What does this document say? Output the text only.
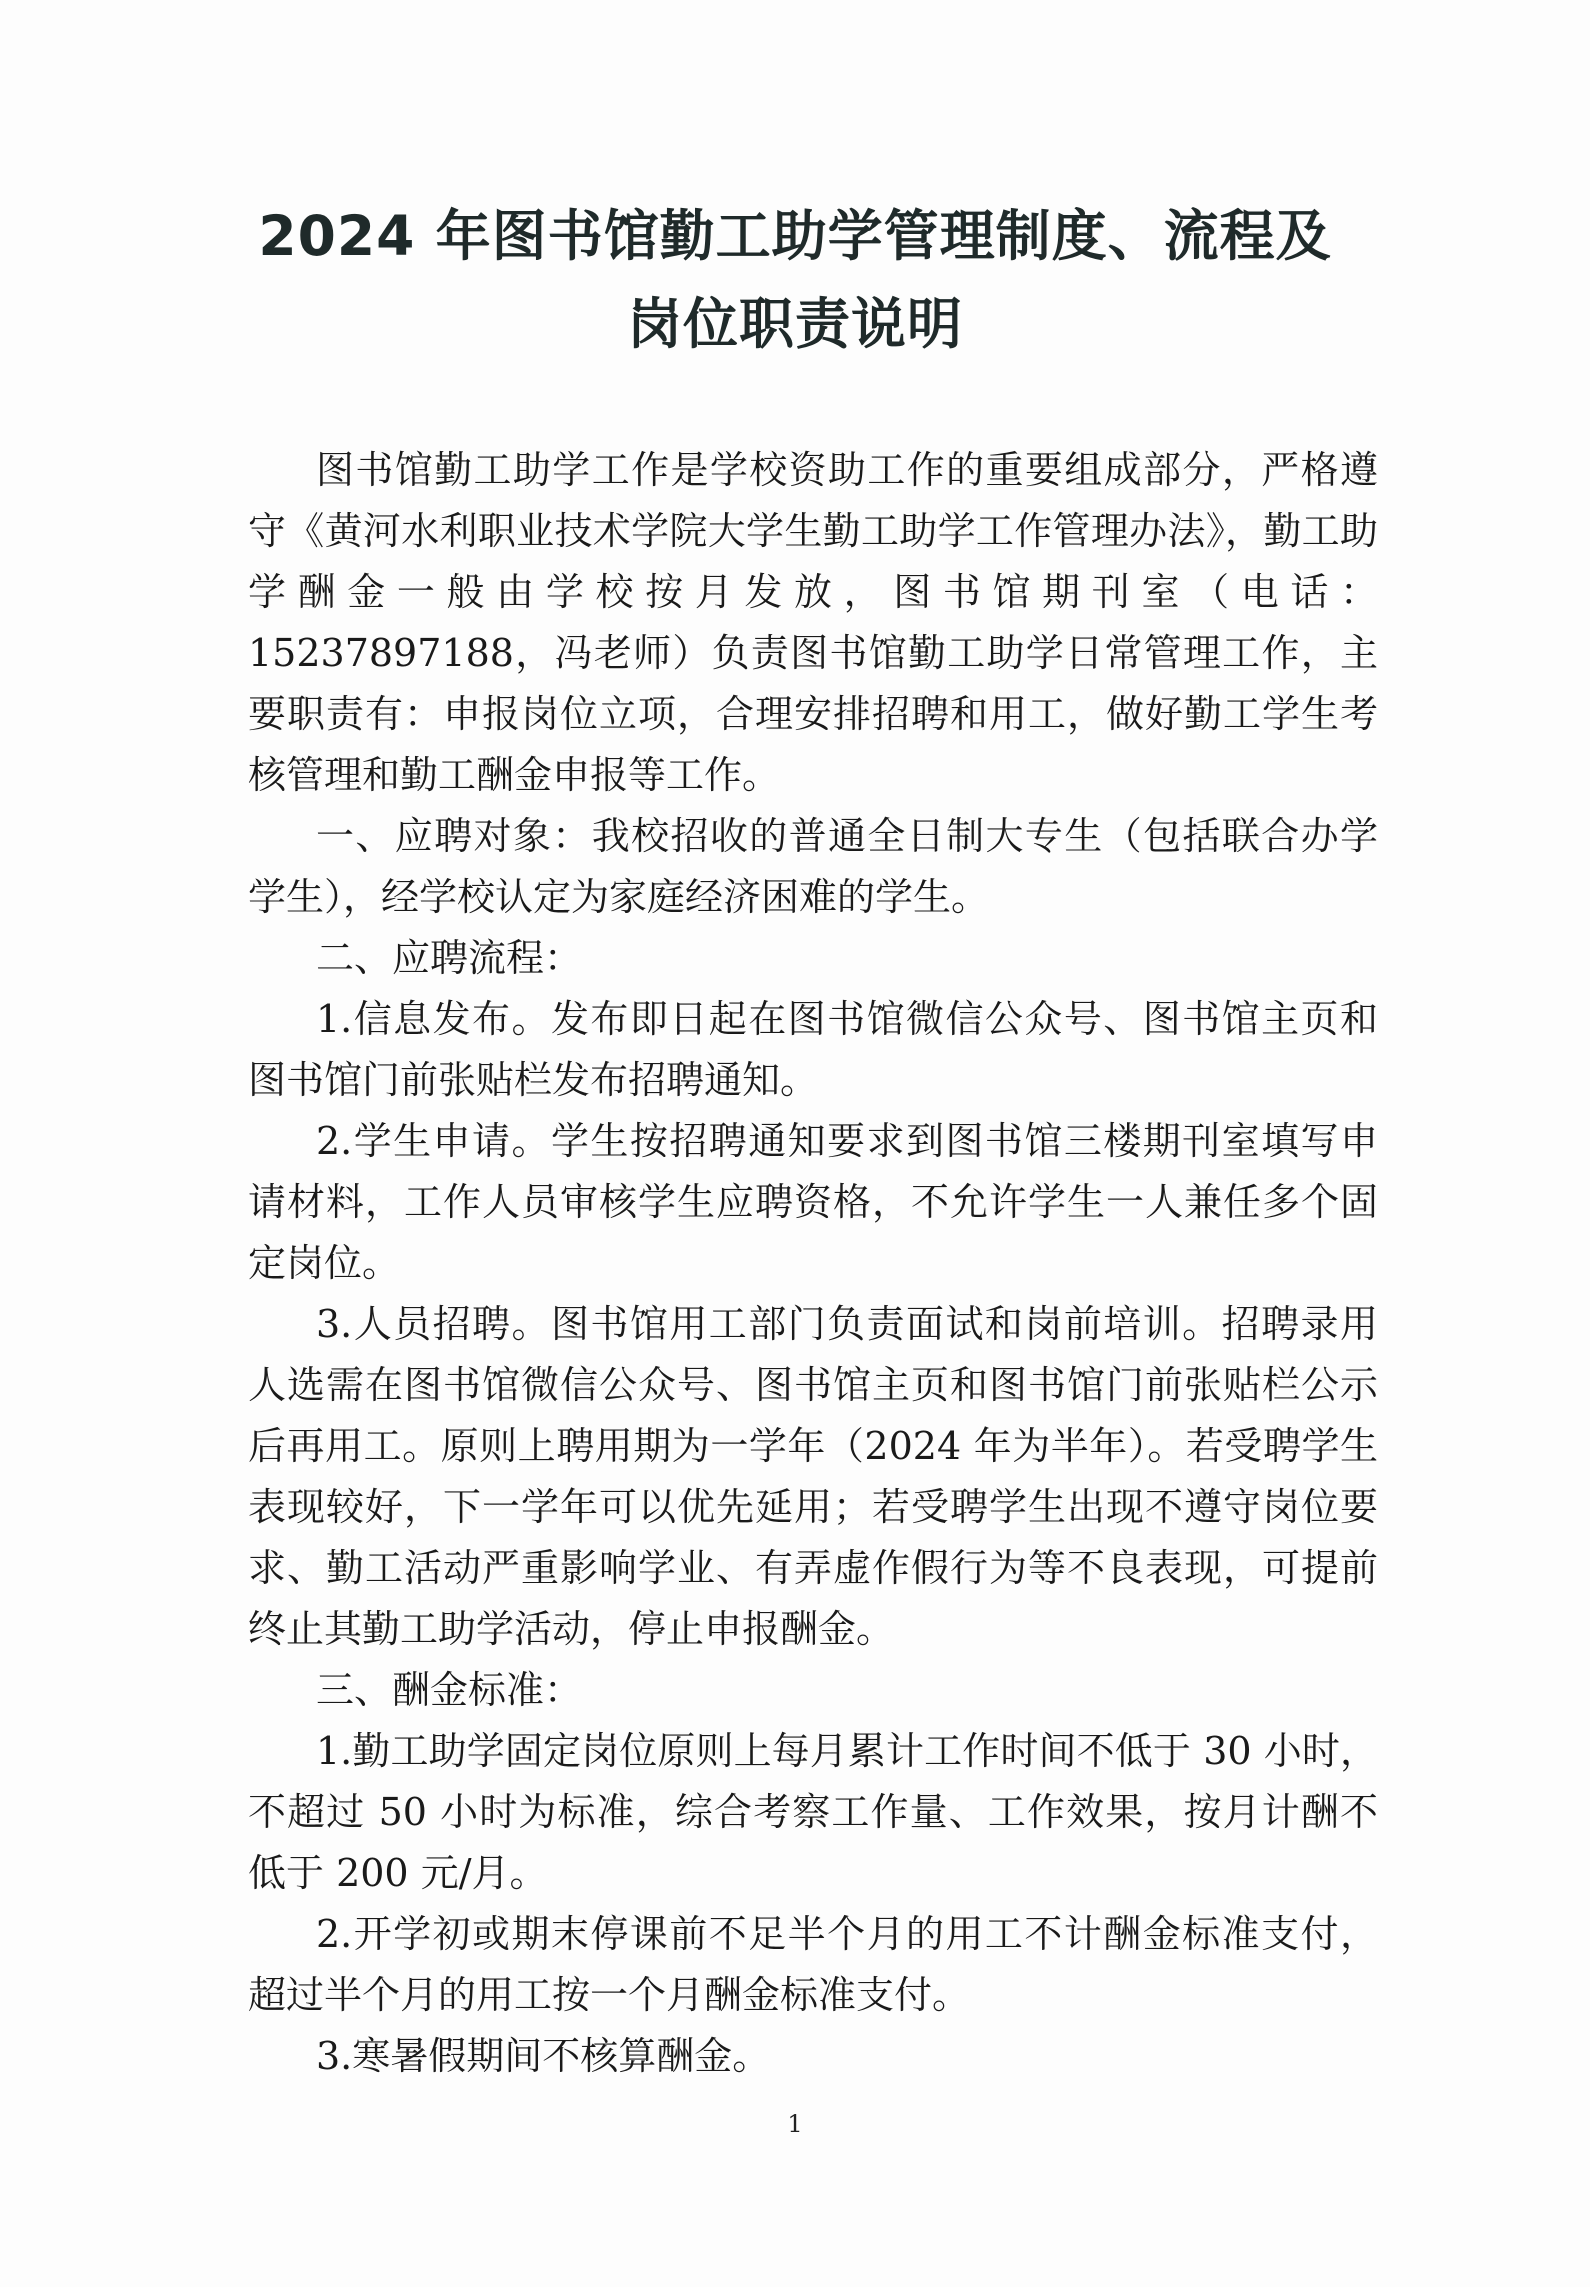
2024 年图书馆勤工助学管理制度、流程及
岗位职责说明

图书馆勤工助学工作是学校资助工作的重要组成部分，严格遵守《黄河水利职业技术学院大学生勤工助学工作管理办法》，勤工助学酬金一般由学校按月发放，图书馆期刊室（电话：15237897188，冯老师）负责图书馆勤工助学日常管理工作，主要职责有：申报岗位立项，合理安排招聘和用工，做好勤工学生考核管理和勤工酬金申报等工作。

一、应聘对象：我校招收的普通全日制大专生（包括联合办学学生），经学校认定为家庭经济困难的学生。

二、应聘流程：

1.信息发布。发布即日起在图书馆微信公众号、图书馆主页和图书馆门前张贴栏发布招聘通知。

2.学生申请。学生按招聘通知要求到图书馆三楼期刊室填写申请材料，工作人员审核学生应聘资格，不允许学生一人兼任多个固定岗位。

3.人员招聘。图书馆用工部门负责面试和岗前培训。招聘录用人选需在图书馆微信公众号、图书馆主页和图书馆门前张贴栏公示后再用工。原则上聘用期为一学年（2024 年为半年）。若受聘学生表现较好，下一学年可以优先延用；若受聘学生出现不遵守岗位要求、勤工活动严重影响学业、有弄虚作假行为等不良表现，可提前终止其勤工助学活动，停止申报酬金。

三、酬金标准：

1.勤工助学固定岗位原则上每月累计工作时间不低于 30 小时，不超过 50 小时为标准，综合考察工作量、工作效果，按月计酬不低于 200 元/月。

2.开学初或期末停课前不足半个月的用工不计酬金标准支付，超过半个月的用工按一个月酬金标准支付。

3.寒暑假期间不核算酬金。

1
